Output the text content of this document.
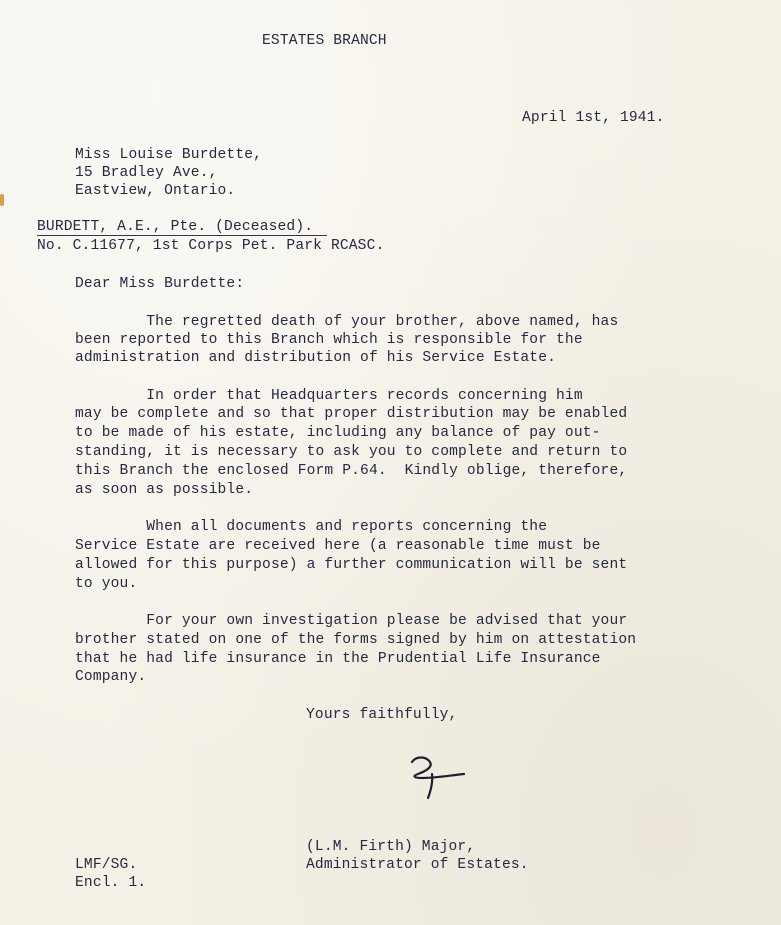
ESTATES BRANCH
April 1st, 1941.
Miss Louise Burdette,
15 Bradley Ave.,
Eastview, Ontario.
BURDETT, A.E., Pte. (Deceased).
No. C.11677, 1st Corps Pet. Park RCASC.
Dear Miss Burdette:
The regretted death of your brother, above named, has
been reported to this Branch which is responsible for the
administration and distribution of his Service Estate.
In order that Headquarters records concerning him
may be complete and so that proper distribution may be enabled
to be made of his estate, including any balance of pay out-
standing, it is necessary to ask you to complete and return to
this Branch the enclosed Form P.64.  Kindly oblige, therefore,
as soon as possible.
When all documents and reports concerning the
Service Estate are received here (a reasonable time must be
allowed for this purpose) a further communication will be sent
to you.
For your own investigation please be advised that your
brother stated on one of the forms signed by him on attestation
that he had life insurance in the Prudential Life Insurance
Company.
Yours faithfully,
(L.M. Firth) Major,
Administrator of Estates.
LMF/SG.
Encl. 1.
